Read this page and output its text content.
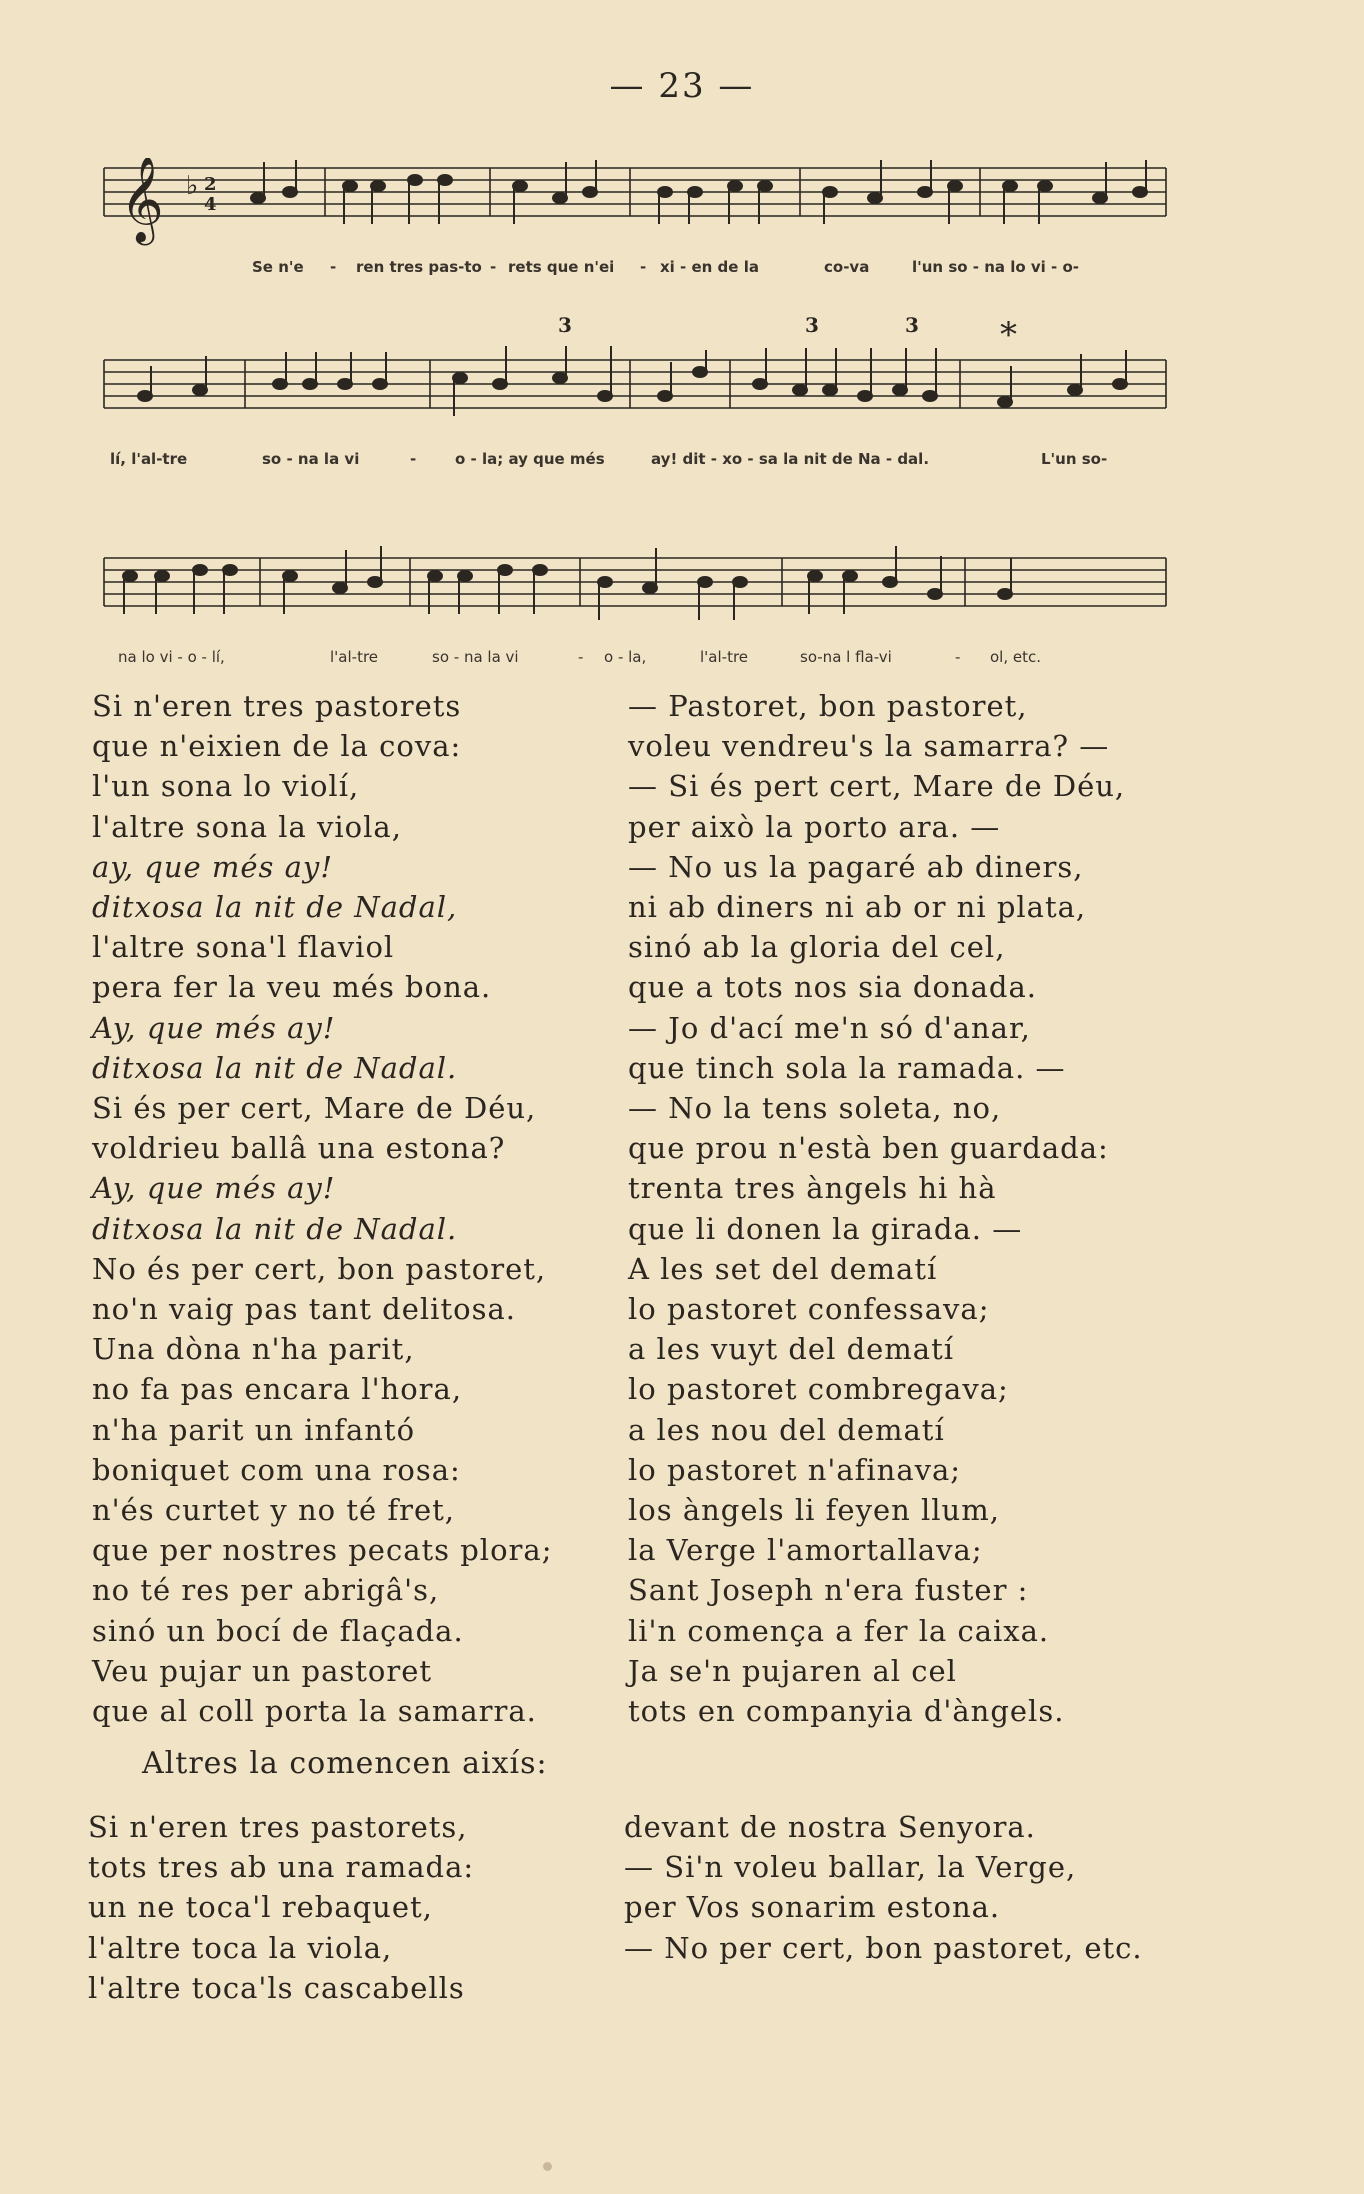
— 23 —
𝄞 ♭ 2
4
Se n'e - ren tres pas-to - rets que n'ei - xi - en de la	co-va	l'un so - na lo vi - o-
3	3	3 *
lí, l'al-tre	so - na la vi	-	o - la; ay que més	ay! dit - xo - sa la nit de Na - dal.	L'un so-
na lo vi - o - lí,	l'al-tre	so - na la vi	- o - la,	l'al-tre	so-na l fla-vi	- ol, etc.
Si n'eren tres pastorets
que n'eixien de la cova:
l'un sona lo violí,
l'altre sona la viola,
ay, que més ay!
ditxosa la nit de Nadal,
l'altre sona'l flaviol
pera fer la veu més bona.
Ay, que més ay!
ditxosa la nit de Nadal.
Si és per cert, Mare de Déu,
voldrieu ballâ una estona?
Ay, que més ay!
ditxosa la nit de Nadal.
No és per cert, bon pastoret,
no'n vaig pas tant delitosa.
Una dòna n'ha parit,
no fa pas encara l'hora,
n'ha parit un infantó
boniquet com una rosa:
n'és curtet y no té fret,
que per nostres pecats plora;
no té res per abrigâ's,
sinó un bocí de flaçada.
Veu pujar un pastoret
que al coll porta la samarra.
— Pastoret, bon pastoret,
voleu vendreu's la samarra? —
— Si és pert cert, Mare de Déu,
per això la porto ara. —
— No us la pagaré ab diners,
ni ab diners ni ab or ni plata,
sinó ab la gloria del cel,
que a tots nos sia donada.
— Jo d'ací me'n só d'anar,
que tinch sola la ramada. —
— No la tens soleta, no,
que prou n'està ben guardada:
trenta tres àngels hi hà
que li donen la girada. —
A les set del dematí
lo pastoret confessava;
a les vuyt del dematí
lo pastoret combregava;
a les nou del dematí
lo pastoret n'afinava;
los àngels li feyen llum,
la Verge l'amortallava;
Sant Joseph n'era fuster :
li'n comença a fer la caixa.
Ja se'n pujaren al cel
tots en companyia d'àngels.
Altres la comencen aixís:
Si n'eren tres pastorets,
tots tres ab una ramada:
un ne toca'l rebaquet,
l'altre toca la viola,
l'altre toca'ls cascabells
devant de nostra Senyora.
— Si'n voleu ballar, la Verge,
per Vos sonarim estona.
— No per cert, bon pastoret, etc.
